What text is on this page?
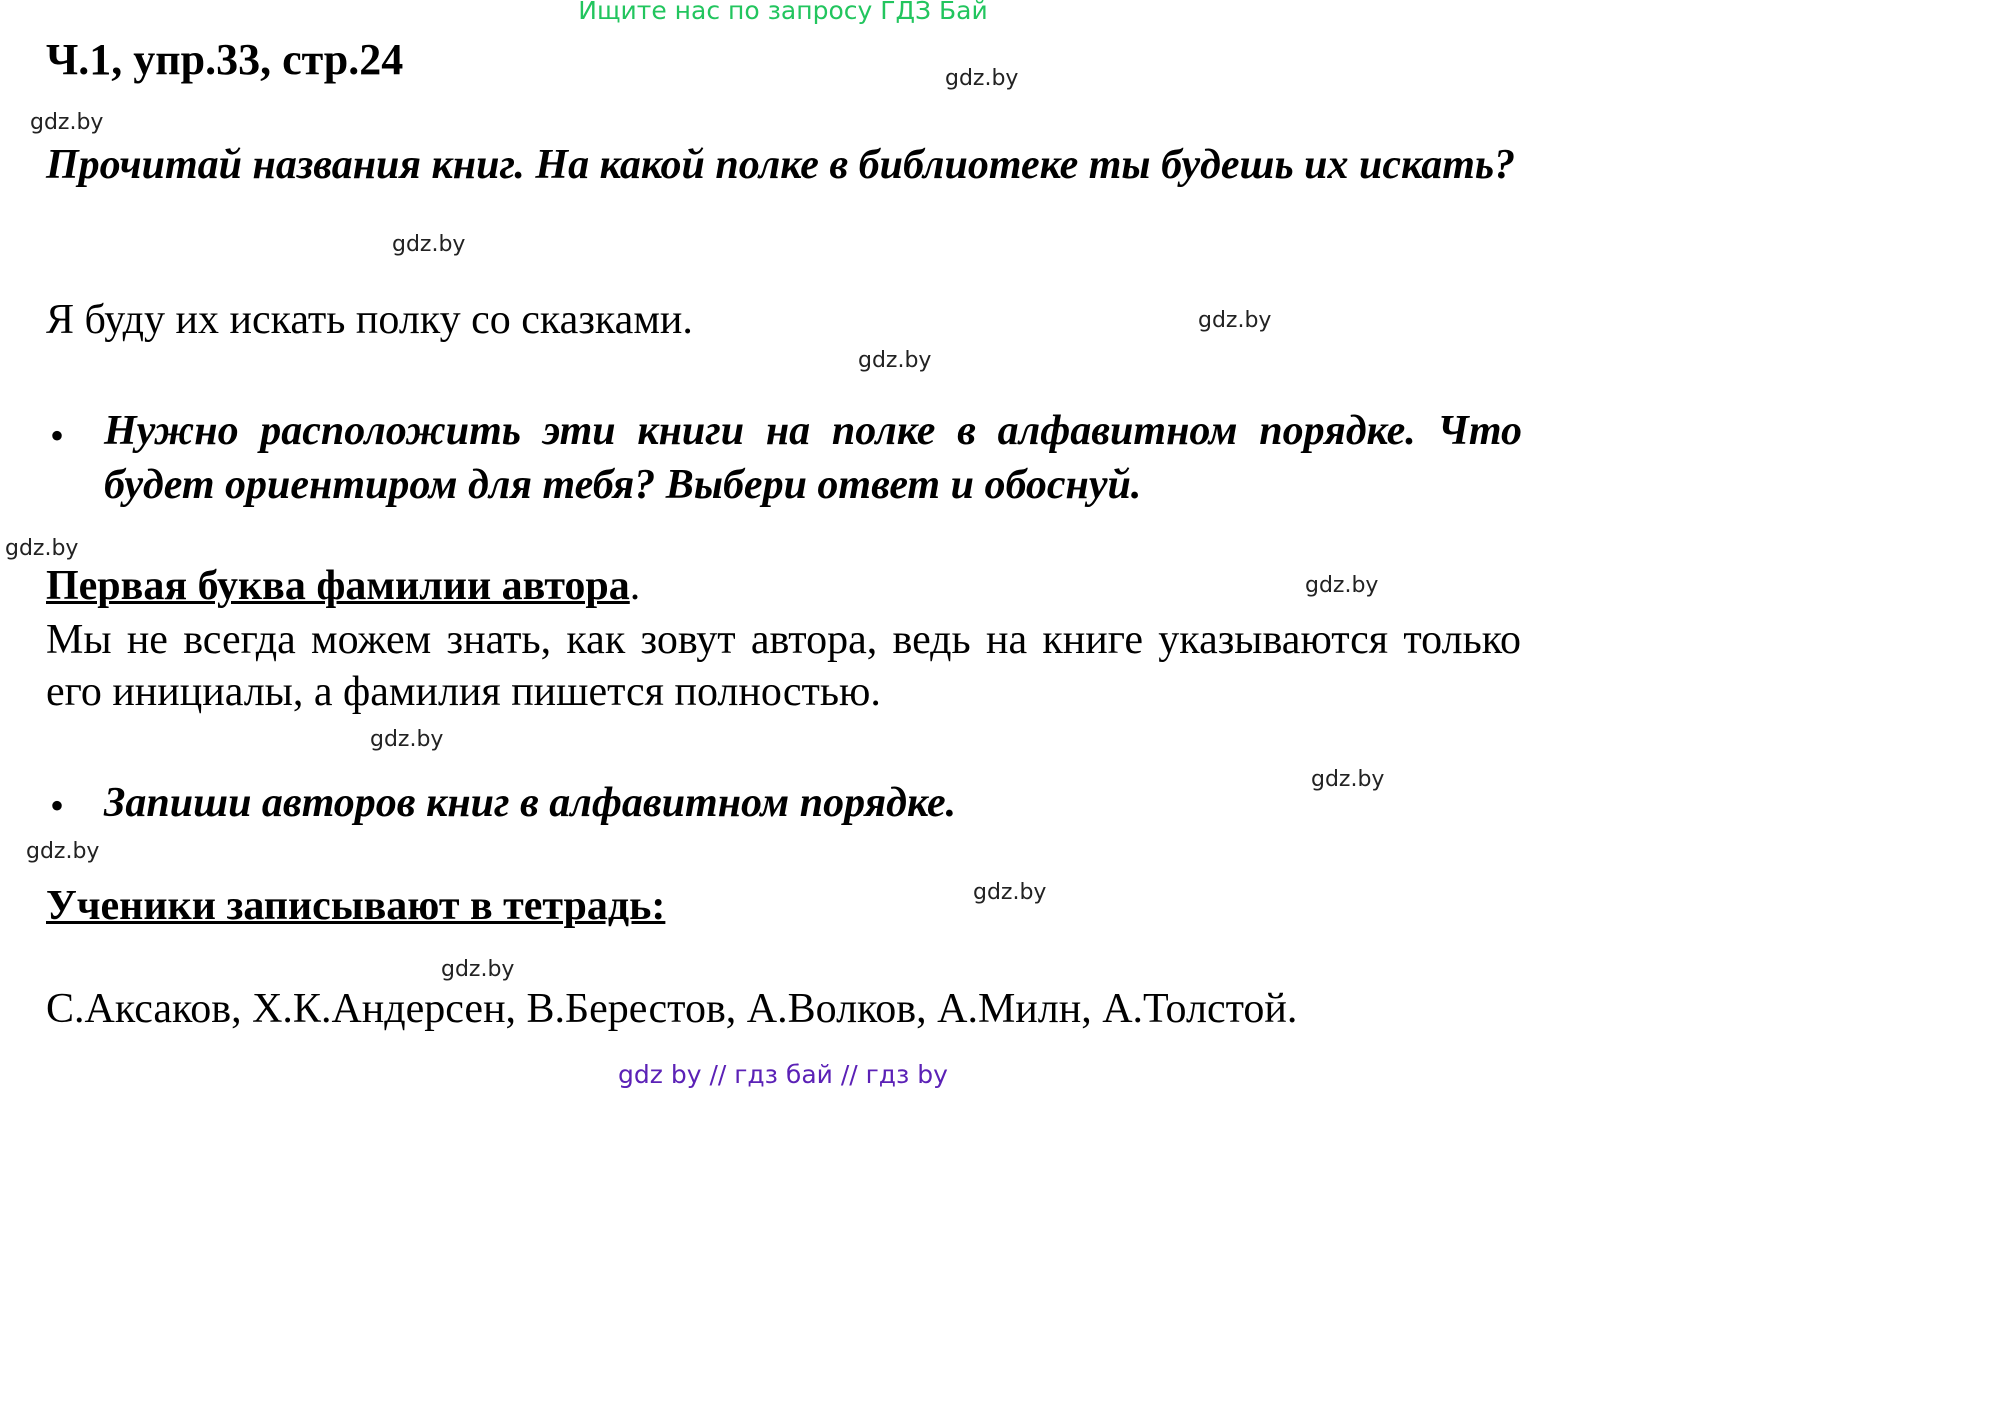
Ищите нас по запросу ГДЗ Бай
Ч.1, упр.33, стр.24
Прочитай названия книг. На какой полке в библиотеке ты будешь их искать?
Я буду их искать полку со сказками.
• Нужно расположить эти книги на полке в алфавитном порядке. Что будет ориентиром для тебя? Выбери ответ и обоснуй.
Первая буква фамилии автора.
Мы не всегда можем знать, как зовут автора, ведь на книге указываются только его инициалы, а фамилия пишется полностью.
• Запиши авторов книг в алфавитном порядке.
Ученики записывают в тетрадь:
С.Аксаков, Х.К.Андерсен, В.Берестов, А.Волков, А.Милн, А.Толстой.
gdz.by
gdz.by
gdz.by
gdz.by
gdz.by
gdz.by
gdz.by
gdz.by
gdz.by
gdz.by
gdz.by
gdz.by
gdz by // гдз бай // гдз by
